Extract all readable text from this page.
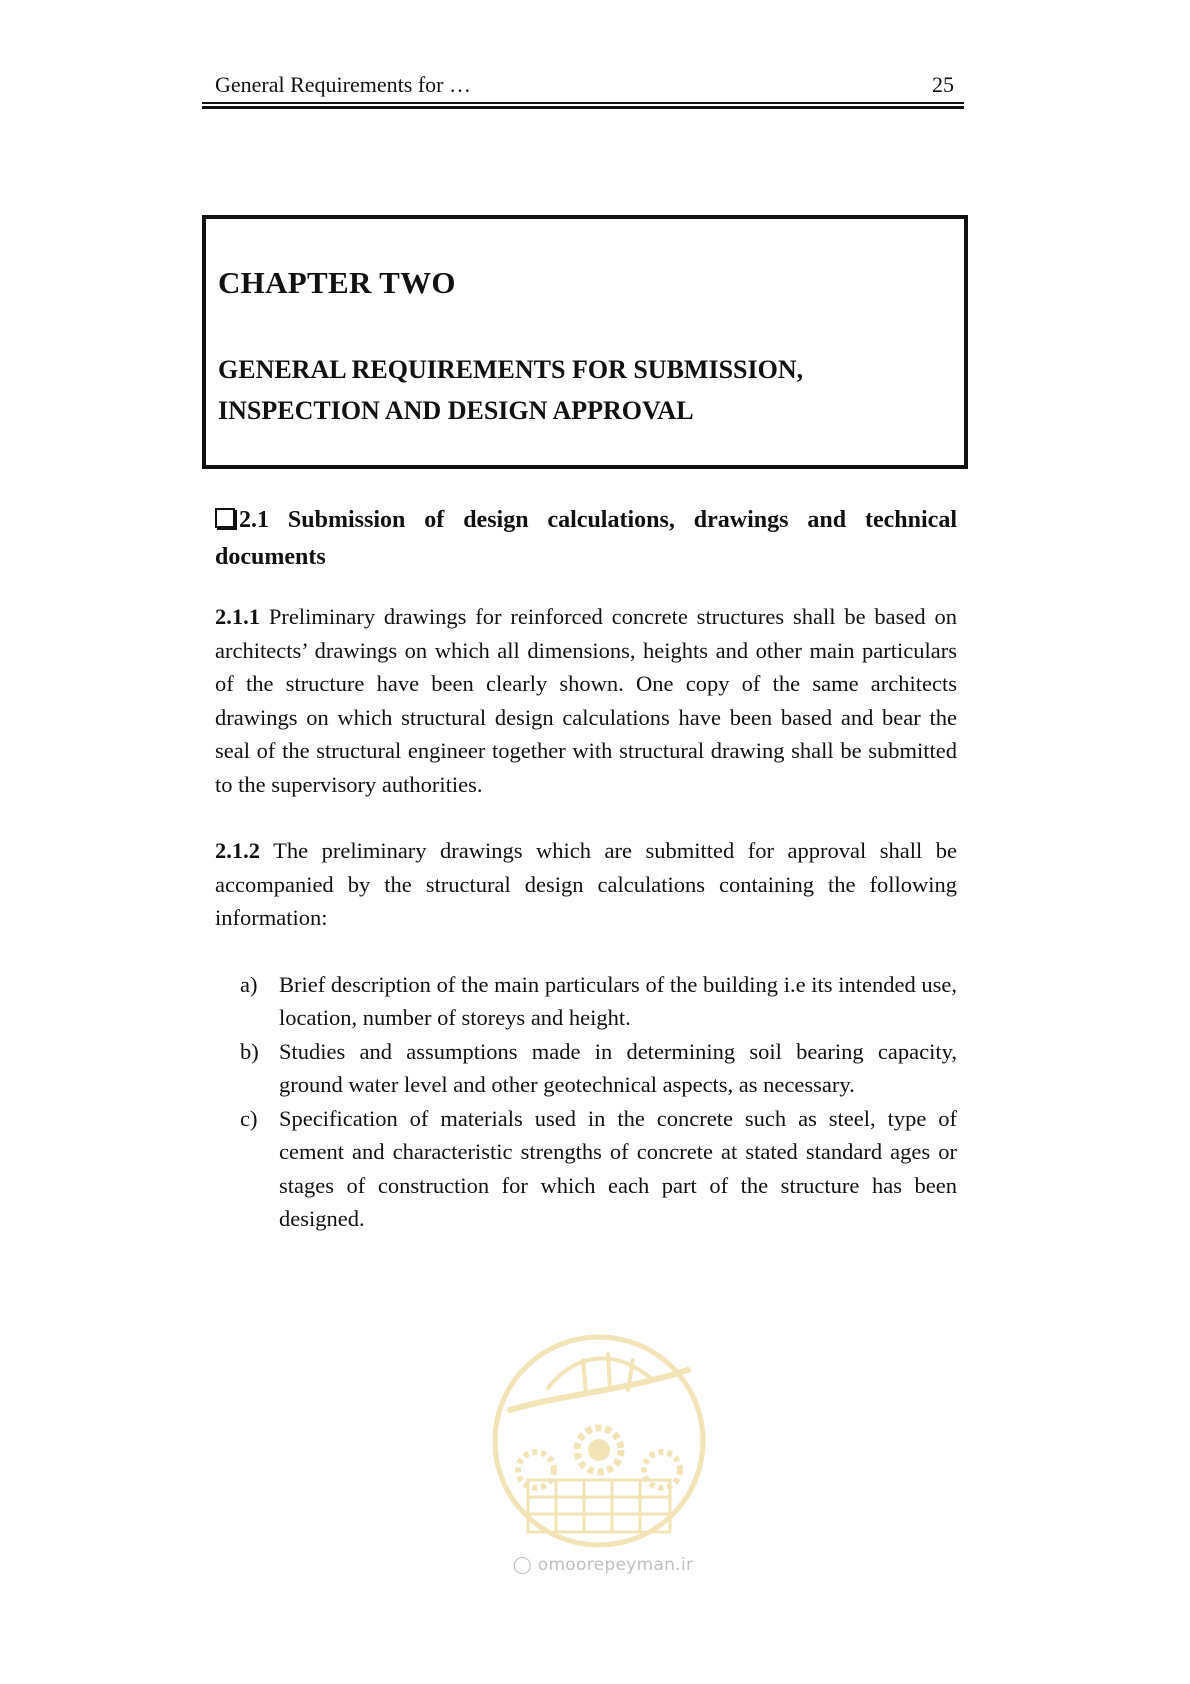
General Requirements for …	25
CHAPTER TWO
GENERAL REQUIREMENTS FOR SUBMISSION,
INSPECTION AND DESIGN APPROVAL
2.1 Submission of design calculations, drawings and technical documents

2.1.1 Preliminary drawings for reinforced concrete structures shall be based on architects’ drawings on which all dimensions, heights and other main particulars of the structure have been clearly shown. One copy of the same architects drawings on which structural design calculations have been based and bear the seal of the structural engineer together with structural drawing shall be submitted to the supervisory authorities.

2.1.2 The preliminary drawings which are submitted for approval shall be accompanied by the structural design calculations containing the following information:

a) Brief description of the main particulars of the building i.e its intended use, location, number of storeys and height.
b) Studies and assumptions made in determining soil bearing capacity, ground water level and other geotechnical aspects, as necessary.
c) Specification of materials used in the concrete such as steel, type of cement and characteristic strengths of concrete at stated standard ages or stages of construction for which each part of the structure has been designed.
◯ omoorepeyman.ir
